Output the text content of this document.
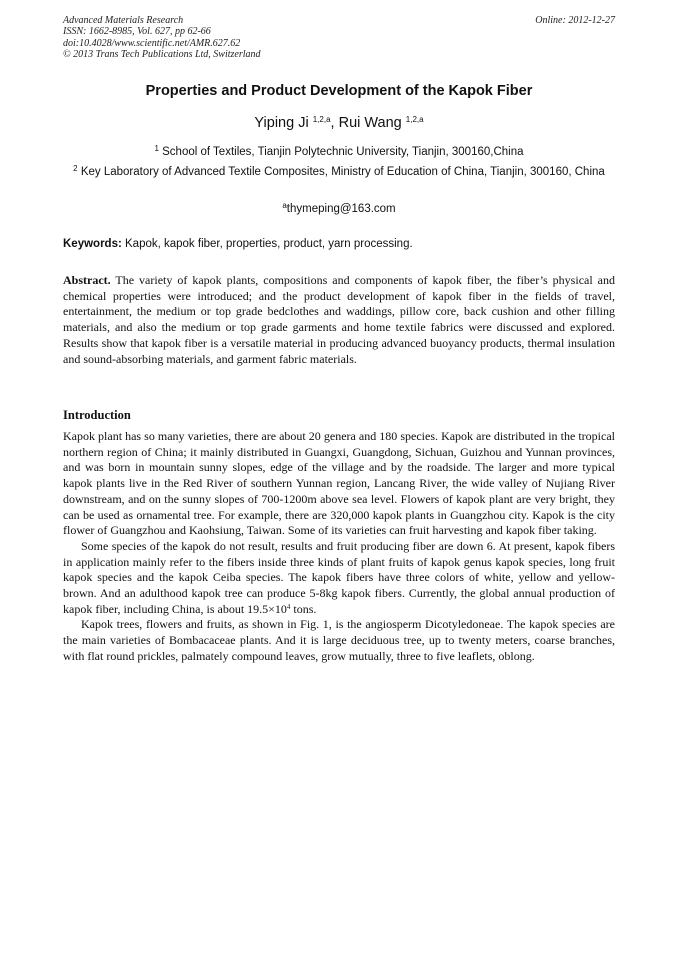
Advanced Materials Research
ISSN: 1662-8985, Vol. 627, pp 62-66
doi:10.4028/www.scientific.net/AMR.627.62
© 2013 Trans Tech Publications Ltd, Switzerland
Online: 2012-12-27
Properties and Product Development of the Kapok Fiber
Yiping Ji $^{1,2,a}$, Rui Wang $^{1,2,a}$
$^1$ School of Textiles, Tianjin Polytechnic University, Tianjin, 300160,China
$^2$ Key Laboratory of Advanced Textile Composites, Ministry of Education of China, Tianjin, 300160, China
$^a$thymeping@163.com
Keywords: Kapok, kapok fiber, properties, product, yarn processing.
Abstract. The variety of kapok plants, compositions and components of kapok fiber, the fiber’s physical and chemical properties were introduced; and the product development of kapok fiber in the fields of travel, entertainment, the medium or top grade bedclothes and waddings, pillow core, back cushion and other filling materials, and also the medium or top grade garments and home textile fabrics were discussed and explored. Results show that kapok fiber is a versatile material in producing advanced buoyancy products, thermal insulation and sound-absorbing materials, and garment fabric materials.
Introduction

Kapok plant has so many varieties, there are about 20 genera and 180 species. Kapok are distributed in the tropical northern region of China; it mainly distributed in Guangxi, Guangdong, Sichuan, Guizhou and Yunnan provinces, and was born in mountain sunny slopes, edge of the village and by the roadside. The larger and more typical kapok plants live in the Red River of southern Yunnan region, Lancang River, the wide valley of Nujiang River downstream, and on the sunny slopes of 700-1200m above sea level. Flowers of kapok plant are very bright, they can be used as ornamental tree. For example, there are 320,000 kapok plants in Guangzhou city. Kapok is the city flower of Guangzhou and Kaohsiung, Taiwan. Some of its varieties can fruit harvesting and kapok fiber taking.

Some species of the kapok do not result, results and fruit producing fiber are down 6. At present, kapok fibers in application mainly refer to the fibers inside three kinds of plant fruits of kapok genus kapok species, long fruit kapok species and the kapok Ceiba species. The kapok fibers have three colors of white, yellow and yellow-brown. And an adulthood kapok tree can produce 5-8kg kapok fibers. Currently, the global annual production of kapok fiber, including China, is about $19.5\times 10^4$ tons.

Kapok trees, flowers and fruits, as shown in Fig. 1, is the angiosperm Dicotyledoneae. The kapok species are the main varieties of Bombacaceae plants. And it is large deciduous tree, up to twenty meters, coarse branches, with flat round prickles, palmately compound leaves, grow mutually, three to five leaflets, oblong.
